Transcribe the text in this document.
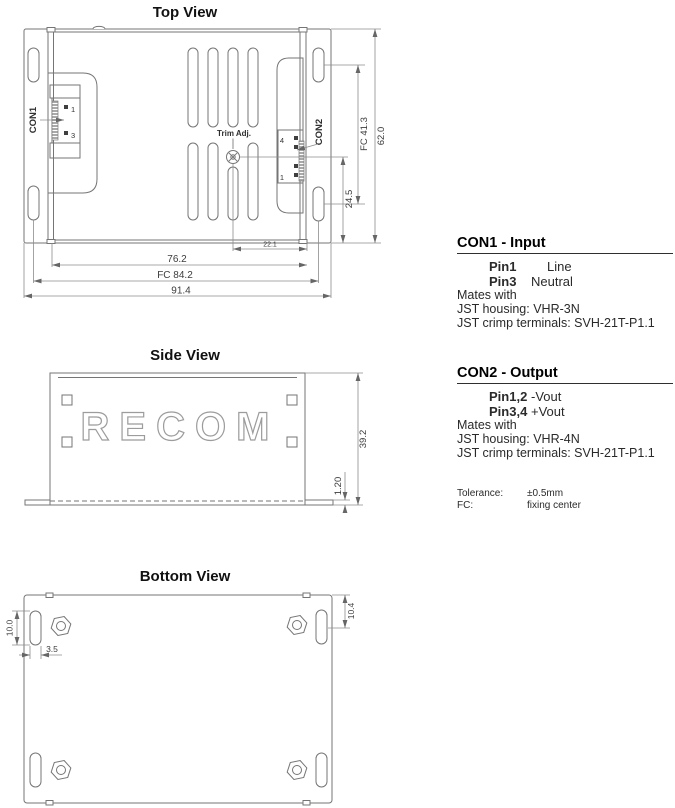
Top View
1
3
CON1
4
1
CON2
Trim Adj.
22.1
76.2
FC 84.2
91.4
24.5
FC 41.3 62.0
Side View
RECOM	39.2
1.20
Bottom View
10.0
3.5
10.4
CON1 - Input
Pin1 Line
Pin3 Neutral
Mates with
JST housing: VHR-3N
JST crimp terminals: SVH-21T-P1.1
CON2 - Output
Pin1,2 -Vout
Pin3,4 +Vout
Mates with
JST housing: VHR-4N
JST crimp terminals: SVH-21T-P1.1
Tolerance: ±0.5mm
FC:	fixing center
